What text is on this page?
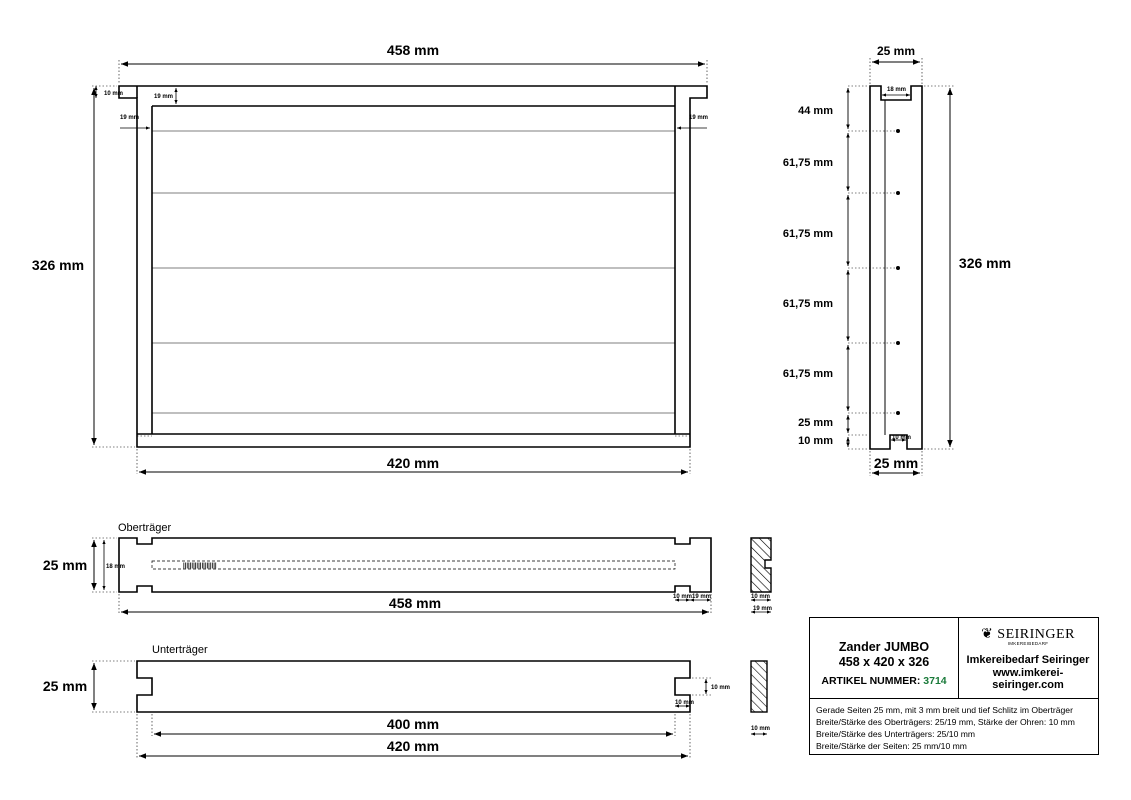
458 mm
420 mm
326 mm
10 mm	19 mm
19 mm	19 mm
25 mm
25 mm
326 mm
18 mm
10 mm
44 mm
61,75 mm
61,75 mm
61,75 mm
61,75 mm
25 mm
10 mm
Oberträger
25 mm	18 mm
458 mm
||||||||||||||||||||
10 mm 19 mm	10 mm
19 mm
Unterträger
25 mm
400 mm
420 mm
10 mm
10 mm
10 mm
Zander JUMBO
458 x 420 x 326
ARTIKEL NUMMER: 3714
❦ SEIRINGER
IMKEREIBEDARF
Imkereibedarf Seiringer
www.imkerei-seiringer.com
Gerade Seiten 25 mm, mit 3 mm breit und tief Schlitz im Oberträger
Breite/Stärke des Oberträgers: 25/19 mm, Stärke der Ohren: 10 mm
Breite/Stärke des Unterträgers: 25/10 mm
Breite/Stärke der Seiten: 25 mm/10 mm
